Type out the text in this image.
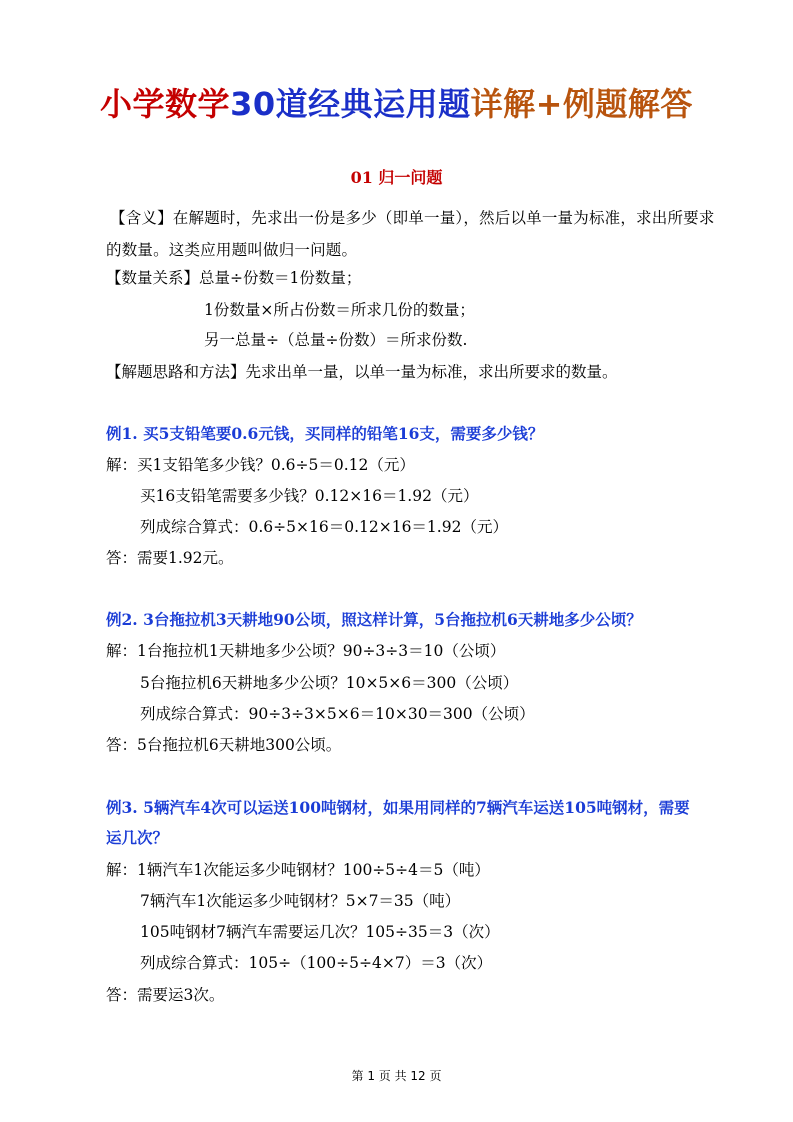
小学数学30道经典运用题详解+例题解答
01 归一问题
【含义】在解题时，先求出一份是多少（即单一量），然后以单一量为标准，求出所要求的数量。这类应用题叫做归一问题。
【数量关系】总量÷份数＝1份数量；
1份数量×所占份数＝所求几份的数量；
另一总量÷（总量÷份数）＝所求份数.
【解题思路和方法】先求出单一量，以单一量为标准，求出所要求的数量。
例1. 买5支铅笔要0.6元钱，买同样的铅笔16支，需要多少钱？
解：买1支铅笔多少钱？0.6÷5＝0.12（元）
买16支铅笔需要多少钱？0.12×16＝1.92（元）
列成综合算式：0.6÷5×16＝0.12×16＝1.92（元）
答：需要1.92元。
例2. 3台拖拉机3天耕地90公顷，照这样计算，5台拖拉机6天耕地多少公顷？
解：1台拖拉机1天耕地多少公顷？90÷3÷3＝10（公顷）
5台拖拉机6天耕地多少公顷？10×5×6＝300（公顷）
列成综合算式：90÷3÷3×5×6＝10×30＝300（公顷）
答：5台拖拉机6天耕地300公顷。
例3. 5辆汽车4次可以运送100吨钢材，如果用同样的7辆汽车运送105吨钢材，需要
运几次？
解：1辆汽车1次能运多少吨钢材？100÷5÷4＝5（吨）
7辆汽车1次能运多少吨钢材？5×7＝35（吨）
105吨钢材7辆汽车需要运几次？105÷35＝3（次）
列成综合算式：105÷（100÷5÷4×7）＝3（次）
答：需要运3次。
第 1 页 共 12 页
